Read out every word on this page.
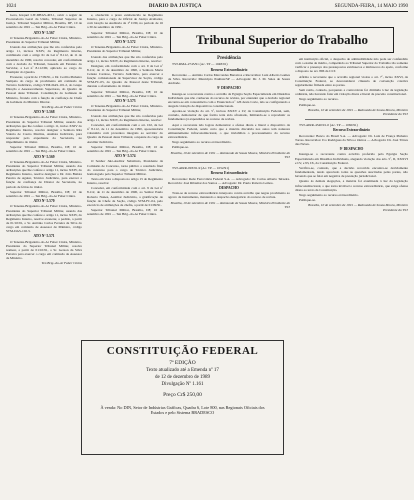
1024	DIARIO DA JUSTIÇA	SEGUNDA-FEIRA, 14 MAIO 1990

Gera, Izaquel LIT-DHAS-403.1, ouvir o seguir de Procuradoria Geral da União, Tribunal Superior de Justiça. Tribunal Superior Militar, Brasília, DF, 10 de setembro de 1991 — Ten Brig.-do-Ar Faber Cintra.

ATO Nº 5.567

O Tenente-Brigadeiro-do-Ar Faber Cintra, Ministro-Presidente do Superior Tribunal Militar,

Usando das atribuições que lhe são conferidas pelo artigo 11, incisos XXIV, da Regimento Interno, combinado com o artigo 61 da Lei nº 8.112, de 11 de dezembro de 1990, resolve conceder, em conformidade com a decisão do Tribunal, baseada em Estatuto do Servidor, a Lei nº 8.112/90, aplicado ao cargo do Exemplar do Quadro.

Exonerar, a partir de 17/09/91, o Dr. Cecilia Pinheiro Sampaio do cargo de provimento em comissão de Técnico Judiciário, código STM-DAS-101.2, do Grupo Direção e Assessoramento Superiores, do Quadro de Pessoal deste Tribunal. Constituição do Gabinete de Ministro, ficando com a função de confiança de Chefe de Gabinete do Ministro Diretor.

Ten Brig.-do-Ar Faber Cintra

ATO Nº 5.568

O Tenente-Brigadeiro-do-Ar Faber Cintra, Ministro-Presidente do Superior Tribunal Militar, usando das atribuições que lhe confere o artigo 11, inciso XXIV do Regimento Interno, resolve designar a Senhora Rita Valeria de Castro Martins, Analista Judiciário, para responder pelo expediente da Secretaria, no impedimento do titular.

Superior Tribunal Militar, Brasília, DF, 10 de setembro de 1991 — Ten Brig.-do-Ar Faber Cintra.

ATO Nº 5.569

O Tenente-Brigadeiro-do-Ar Faber Cintra, Ministro-Presidente do Superior Tribunal Militar, usando das atribuições que lhe confere o artigo 11, inciso XXIV, do Regimento Interno, resolve designar o Dr. João Batista Pereira de Aguiar, Técnico Judiciário, para exercer a função de confiança de Diretor de Secretaria, no período de férias do titular.

Superior Tribunal Militar, Brasília, DF, 10 de setembro de 1991 — Ten Brig.-do-Ar Faber Cintra.

ATO Nº 5.570

O Tenente-Brigadeiro-do-Ar Faber Cintra, Ministro-Presidente do Superior Tribunal Militar, usando das atribuições que lhe confere o artigo 11, inciso XXIV, do Regimento Interno, resolve exonerar, a pedido, a partir de 01/10/91, o Sr. Antônio Carlos Ferreira da Silva do cargo em comissão de Assessor de Ministro, código STM-DAS-102.3.

ATO Nº 5.571

O Tenente-Brigadeiro-do-Ar Faber Cintra, Ministro-Presidente do Superior Tribunal Militar, resolve nomear, a partir de 01/10/91, o Sr. Gerson da Silva Ferreira para exercer o cargo em comissão de Assessor de Ministro.

Ten Brig.-do-Ar Faber Cintra

e, obedecido o prazo estabelecido no Regimento Interno, para o cargo de Oficial de Justiça Avaliador, com lotação na Auditoria da 1ª CJM, no período de 16 a 30 de setembro de 1991.

Superior Tribunal Militar, Brasília, DF, 10 de setembro de 1991 — Ten Brig.-do-Ar Faber Cintra.

ATO Nº 5.572

O Tenente-Brigadeiro-do-Ar Faber Cintra, Ministro-Presidente do Superior Tribunal Militar,

Usando das atribuições que lhe são conferidas pelo artigo 11, inciso XXIV, do Regimento Interno, resolve:

Designar, em conformidade com o art. 9 da Lei nº 8.112, de 11 de dezembro de 1990, a Senhora Maria Celeste Cardoso, Técnico Judiciário, para exercer a função comissionada de Supervisor de Seção, código STM-FC-05, do Quadro de Pessoal deste Tribunal, durante o afastamento do titular.

Superior Tribunal Militar, Brasília, DF, 10 de setembro de 1991 — Ten Brig.-do-Ar Faber Cintra.

ATO Nº 5.573

O Tenente-Brigadeiro-do-Ar Faber Cintra, Ministro-Presidente do Superior Tribunal Militar,

Usando das atribuições que lhe são conferidas pelo artigo 11, inciso XXIV, do Regimento Interno, resolve:

Conceder, em conformidade com o art. 102, da Lei nº 8.112, de 11 de dezembro de 1990, aposentadoria voluntária com proventos integrais ao servidor do Quadro de Pessoal deste Tribunal, ocupante do cargo de Auxiliar Judiciário.

Superior Tribunal Militar, Brasília, DF, 10 de setembro de 1991 — Ten Brig.-do-Ar Faber Cintra.

ATO Nº 5.574

O Senhor Juiz-Auditor Substituto, Presidente da Comissão de Concurso, torna público o resultado final do concurso para o cargo de Técnico Judiciário, homologado pelo Superior Tribunal Militar.

Texto em vista o disposto no artigo 15 do Regimento Interno, resolve:

Conceder, em conformidade com o art. 9 da Lei nº 8.112, de 11 de dezembro de 1990, ao Senhor Paulo Roberto Nunes, Auxiliar Judiciário, a gratificação de função de Chefe de Seção, código STM-FC-04, pelo exercício de atribuições de chefia, a partir de 01/09/91.

Superior Tribunal Militar, Brasília, DF, 10 de setembro de 1991 — Ten Brig.-do-Ar Faber Cintra.

Presidência

TST-RMA-2745/91 (Ac. TP — 1048/91)

Recurso Extraordinário

Recorrente — Antônio Carlos Marcondes Barreiros e Recorridos: Luiz Alberto Gomes da Silva. Recorrido: Município Paulista/SP — Advogada: Dr. J. M. Sales de Souza Andrade.

9º DESPACHO

Insurge-se a recorrente contra o acórdão da Egrégia Seção Especializada em Dissídios Individuais que não conheceu do recurso de revista, por entender que a decisão regional encontra-se em consonância com o Enunciado nº 126 desta Corte, não se configurando a alegada violação de dispositivos constitucionais.

Aponta-se violação do art. 5º, incisos XXXV e LV, da Constituição Federal, sem, contudo, demonstrar de que forma teria sido afrontado, limitando-se a reproduzir os fundamentos já expendidos no recurso de revista.

Aqui o recorrente não logrou demonstrar a ofensa direta e literal a dispositivo da Constituição Federal, sendo certo que a matéria discutida nos autos tem natureza eminentemente infraconstitucional, o que inviabiliza o processamento do recurso extraordinário.

Nego seguimento ao recurso extraordinário.

Publique-se.

Brasília, 10 de setembro de 1991 — Raimundo de Souza Moura, Ministro Presidente do TST

TST-AIRR-093/91-9 (Ac. TP — 1052/91)

Recurso Extraordinário

Recorrente: Rede Ferroviária Federal S.A. — Advogado: Dr. Carlos Alberto Teixeira. Recorrido: José Ribamar dos Santos — Advogado: Dr. Paulo Roberto Lemos.

DESPACHO

Trata-se de recurso extraordinário interposto contra acórdão que negou provimento ao agravo de instrumento, mantendo o despacho denegatório do recurso de revista.

Brasília, 10 de setembro de 1991 — Raimundo de Souza Moura, Ministro Presidente do TST

em instituição oficial, o despacho de admissibilidade não pode ser confundido com o exame de mérito, competindo ao Tribunal Superior do Trabalho tão somente verificar a presença dos pressupostos extrínsecos e intrínsecos do apelo, conforme o disposto no art. 896 da CLT.

Afirma a recorrente que o acórdão regional violou o art. 7º, inciso XXVI, da Constituição Federal, ao desconsiderar cláusula de convenção coletiva regularmente firmada entre as partes.

Sem razão, contudo, porquanto a controvérsia foi dirimida à luz da legislação ordinária, não havendo falar em violação direta e literal de preceito constitucional.

Nego seguimento ao recurso.

Publique-se.

Brasília, 10 de setembro de 1991 — Raimundo de Souza Moura, Ministro Presidente do TST

TST-AIRR-4340/91-0 (Ac. TP — 1060/91)

Recurso Extraordinário

Recorrente: Banco do Brasil S.A. — Advogado: Dr. Luiz de França Pinheiro Torres. Recorridos: Ivo Rodrigues da Silva e Outros — Advogado: Dr. José Tôrres das Neves.

9º DESPACHO

Insurge-se o recorrente contra acórdão proferido pela Egrégia Seção Especializada em Dissídios Individuais, alegando violação dos arts. 5º, II, XXXVI e LV, e 93, IX, da Constituição Federal.

Verifica-se, contudo, que a decisão recorrida encontra-se devidamente fundamentada, tendo apreciado todas as questões suscitadas pelas partes, não havendo que se falar em negativa de prestação jurisdicional.

Quanto às demais alegações, a matéria foi examinada à luz da legislação infraconstitucional, o que torna inviável o recurso extraordinário, que exige ofensa direta ao texto da Constituição.

Nego seguimento ao recurso extraordinário.

Publique-se.

Brasília, 10 de setembro de 1991 — Raimundo de Souza Moura, Ministro Presidente do TST

Tribunal Superior do Trabalho
CONSTITUIÇÃO FEDERAL
7ª EDIÇÃO
Texto atualizado até a Emenda nº 17
de 12 de dezembro de 1989
Divulgação Nº 1.161
Preço Cr$ 250,00
À venda: No DIN, Setor de Indústrias Gráficas, Quadra 6, Lote 800, nas Regionais Oficiais dos Estados e pelo Sistema BRADESCO
